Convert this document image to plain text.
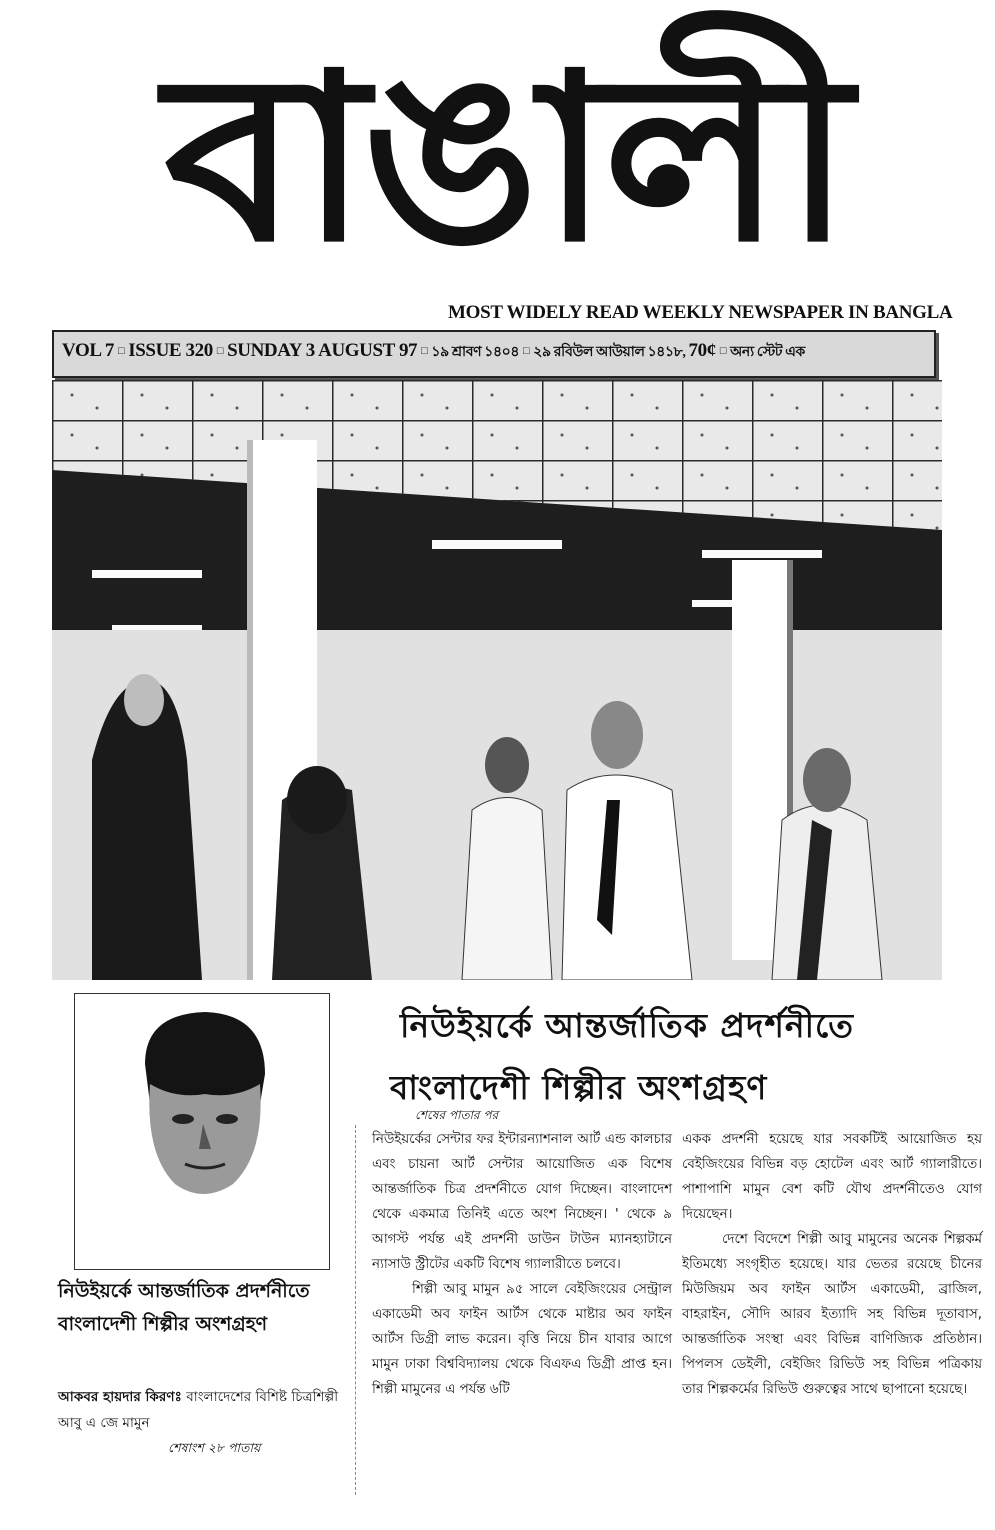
বাঙালী
MOST WIDELY READ WEEKLY NEWSPAPER IN BANGLA
VOL 7 □ ISSUE 320 □ SUNDAY 3 AUGUST 97 □ ১৯ শ্রাবণ ১৪০৪ □ ২৯ রবিউল আউয়াল ১৪১৮, 70¢ □ অন্য স্টেট এক
নিউইয়র্কে আন্তর্জাতিক প্রদর্শনীতে
বাংলাদেশী শিল্পীর অংশগ্রহণ
শেষের পাতার পর

নিউইয়র্কের সেন্টার ফর ইন্টারন্যাশনাল আর্ট এন্ড কালচার এবং চায়না আর্ট সেন্টার আয়োজিত এক বিশেষ আন্তর্জাতিক চিত্র প্রদর্শনীতে যোগ দিচ্ছেন। বাংলাদেশ থেকে একমাত্র তিনিই এতে অংশ নিচ্ছেন। ' থেকে ৯ আগস্ট পর্যন্ত এই প্রদর্শনী ডাউন টাউন ম্যানহ্যাটানে ন্যাসাউ স্ট্রীটের একটি বিশেষ গ্যালারীতে চলবে।

শিল্পী আবু মামুন ৯৫ সালে বেইজিংয়ের সেন্ট্রাল একাডেমী অব ফাইন আর্টস থেকে মাষ্টার অব ফাইন আর্টস ডিগ্রী লাভ করেন। বৃত্তি নিয়ে চীন যাবার আগে মামুন ঢাকা বিশ্ববিদ্যালয় থেকে বিএফএ ডিগ্রী প্রাপ্ত হন। শিল্পী মামুনের এ পর্যন্ত ৬টি

একক প্রদর্শনী হয়েছে যার সবকটিই আয়োজিত হয় বেইজিংয়ের বিভিন্ন বড় হোটেল এবং আর্ট গ্যালারীতে। পাশাপাশি মামুন বেশ কটি যৌথ প্রদর্শনীতেও যোগ দিয়েছেন।

দেশে বিদেশে শিল্পী আবু মামুনের অনেক শিল্পকর্ম ইতিমধ্যে সংগৃহীত হয়েছে। যার ভেতর রয়েছে চীনের মিউজিয়ম অব ফাইন আর্টস একাডেমী, ব্রাজিল, বাহরাইন, সৌদি আরব ইত্যাদি সহ বিভিন্ন দূতাবাস, আন্তর্জাতিক সংস্থা এবং বিভিন্ন বাণিজ্যিক প্রতিষ্ঠান। পিপলস ডেইলী, বেইজিং রিভিউ সহ বিভিন্ন পত্রিকায় তার শিল্পকর্মের রিভিউ গুরুত্বের সাথে ছাপানো হয়েছে।

নিউইয়র্কে আন্তর্জাতিক প্রদর্শনীতে বাংলাদেশী শিল্পীর অংশগ্রহণ
আকবর হায়দার কিরণঃ বাংলাদেশের বিশিষ্ট চিত্রশিল্পী আবু এ জে মামুন
শেষাংশ ২৮ পাতায়
